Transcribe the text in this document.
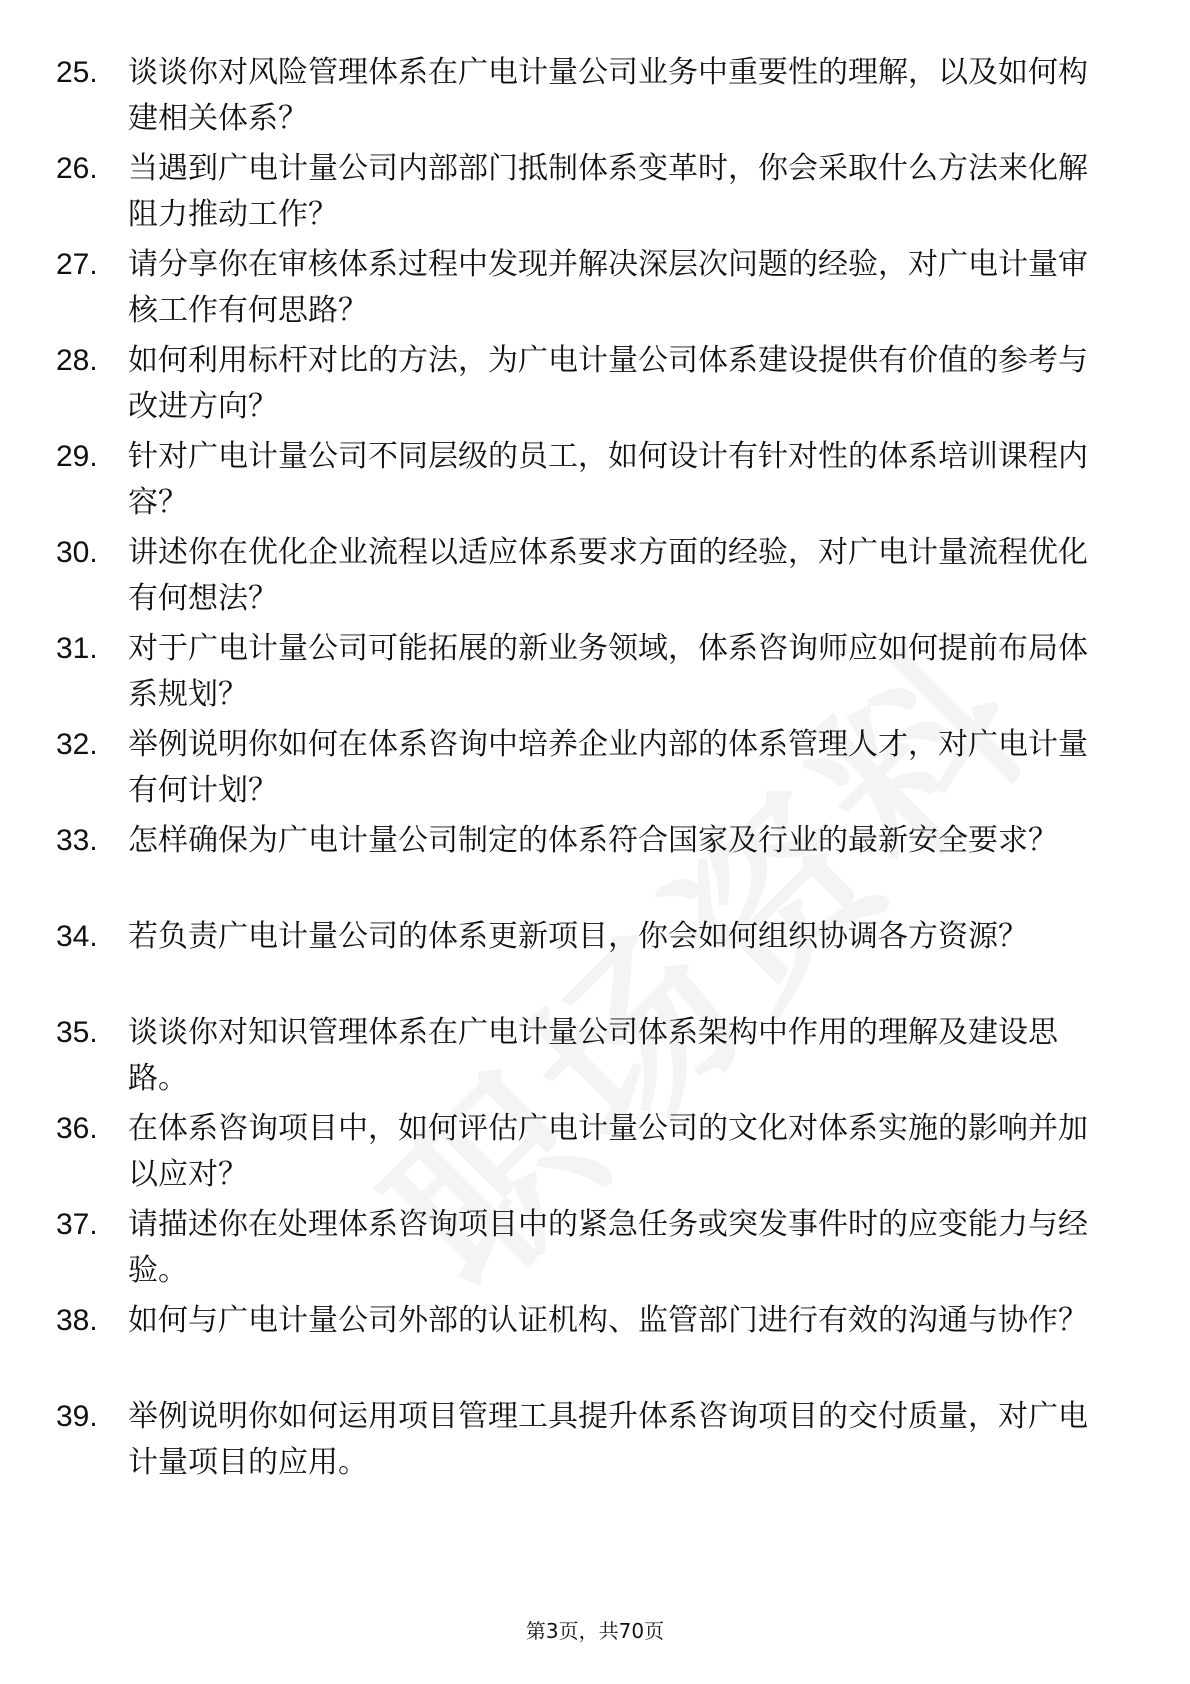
25. 谈谈你对风险管理体系在广电计量公司业务中重要性的理解，以及如何构建相关体系？
26. 当遇到广电计量公司内部部门抵制体系变革时，你会采取什么方法来化解阻力推动工作？
27. 请分享你在审核体系过程中发现并解决深层次问题的经验，对广电计量审核工作有何思路？
28. 如何利用标杆对比的方法，为广电计量公司体系建设提供有价值的参考与改进方向？
29. 针对广电计量公司不同层级的员工，如何设计有针对性的体系培训课程内容？
30. 讲述你在优化企业流程以适应体系要求方面的经验，对广电计量流程优化有何想法？
31. 对于广电计量公司可能拓展的新业务领域，体系咨询师应如何提前布局体系规划？
32. 举例说明你如何在体系咨询中培养企业内部的体系管理人才，对广电计量有何计划？
33. 怎样确保为广电计量公司制定的体系符合国家及行业的最新安全要求？
34. 若负责广电计量公司的体系更新项目，你会如何组织协调各方资源？
35. 谈谈你对知识管理体系在广电计量公司体系架构中作用的理解及建设思路。
36. 在体系咨询项目中，如何评估广电计量公司的文化对体系实施的影响并加以应对？
37. 请描述你在处理体系咨询项目中的紧急任务或突发事件时的应变能力与经验。
38. 如何与广电计量公司外部的认证机构、监管部门进行有效的沟通与协作？
39. 举例说明你如何运用项目管理工具提升体系咨询项目的交付质量，对广电计量项目的应用。
第3页，共70页
